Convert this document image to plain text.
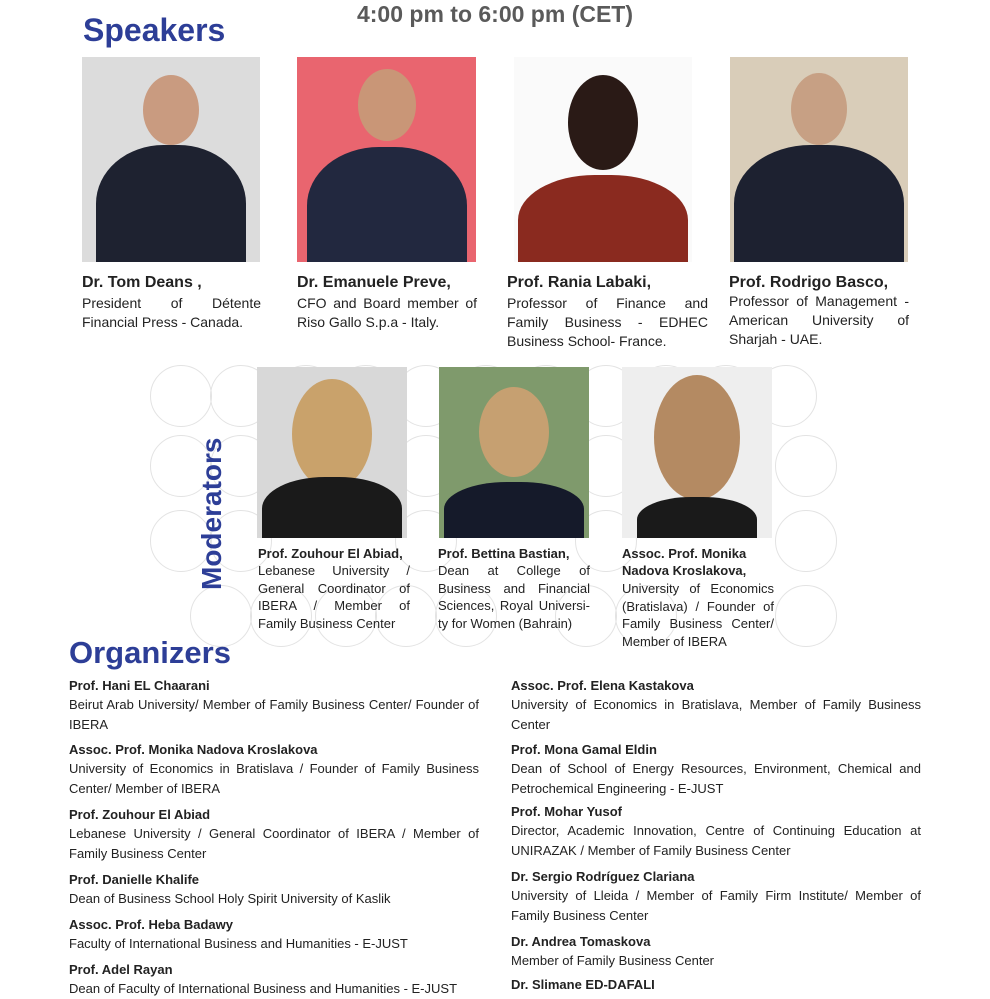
4:00 pm to 6:00 pm (CET)
Speakers
Dr. Tom Deans ,
President of Détente Financial Press - Canada.
Dr. Emanuele Preve,
CFO and Board member of Riso Gallo S.p.a - Italy.
Prof. Rania Labaki,
Professor of Finance and Family Business - EDHEC Business School- France.
Prof. Rodrigo Basco,
Professor of Management - American University of Sharjah - UAE.
Moderators Prof. Zouhour El Abiad,
Lebanese University / General Coordinator of IBERA / Member of Family Business Center
Prof. Bettina Bastian,
Dean at College of Business and Financial Sciences, Royal Universi-ty for Women (Bahrain)
Assoc. Prof. Monika Nadova Kroslakova,
University of Economics (Bratislava) / Founder of Family Business Center/ Member of IBERA
Organizers
Prof. Hani EL Chaarani
Beirut Arab University/ Member of Family Business Center/ Founder of IBERA
Assoc. Prof. Monika Nadova Kroslakova
University of Economics in Bratislava / Founder of Family Business Center/ Member of IBERA
Prof. Zouhour El Abiad
Lebanese University / General Coordinator of IBERA / Member of Family Business Center
Prof. Danielle Khalife
Dean of Business School Holy Spirit University of Kaslik
Assoc. Prof. Heba Badawy
Faculty of International Business and Humanities - E-JUST
Prof. Adel Rayan
Dean of Faculty of International Business and Humanities - E-JUST
Assoc. Prof. Elena Kastakova
University of Economics in Bratislava, Member of Family Business Center
Prof. Mona Gamal Eldin
Dean of School of Energy Resources, Environment, Chemical and Petrochemical Engineering - E-JUST
Prof. Mohar Yusof
Director, Academic Innovation, Centre of Continuing Education at UNIRAZAK / Member of Family Business Center
Dr. Sergio Rodríguez Clariana
University of Lleida / Member of Family Firm Institute/ Member of Family Business Center
Dr. Andrea Tomaskova
Member of Family Business Center
Dr. Slimane ED-DAFALI
